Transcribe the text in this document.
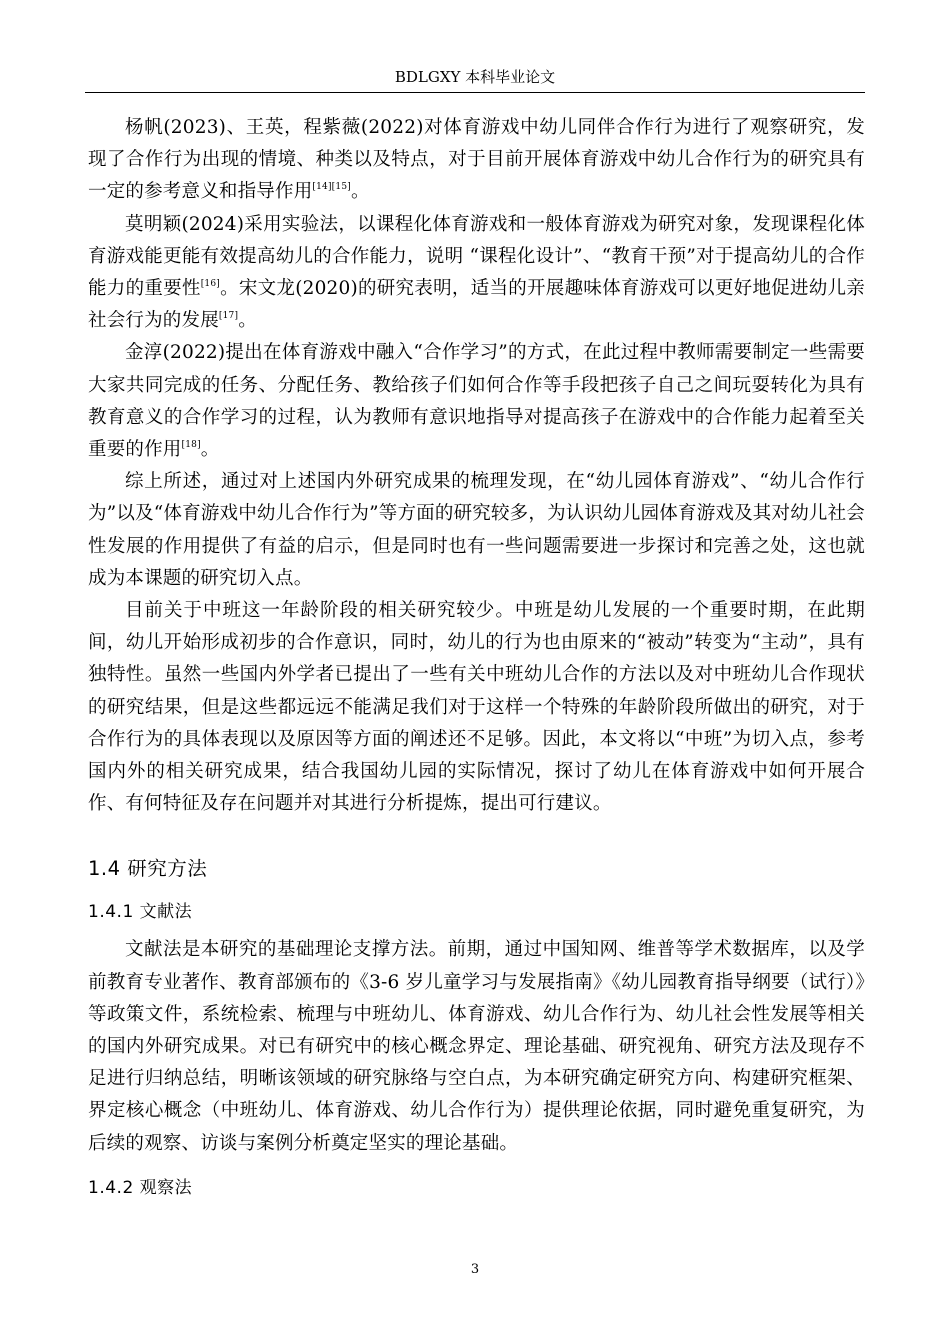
BDLGXY 本科毕业论文

杨帆(2023)、王英，程紫薇(2022)对体育游戏中幼儿同伴合作行为进行了观察研究，发现了合作行为出现的情境、种类以及特点，对于目前开展体育游戏中幼儿合作行为的研究具有一定的参考意义和指导作用[14][15]。

莫明颖(2024)采用实验法，以课程化体育游戏和一般体育游戏为研究对象，发现课程化体育游戏能更能有效提高幼儿的合作能力，说明 “课程化设计”、“教育干预”对于提高幼儿的合作能力的重要性[16]。宋文龙(2020)的研究表明，适当的开展趣味体育游戏可以更好地促进幼儿亲社会行为的发展[17]。

金淳(2022)提出在体育游戏中融入“合作学习”的方式，在此过程中教师需要制定一些需要大家共同完成的任务、分配任务、教给孩子们如何合作等手段把孩子自己之间玩耍转化为具有教育意义的合作学习的过程，认为教师有意识地指导对提高孩子在游戏中的合作能力起着至关重要的作用[18]。

综上所述，通过对上述国内外研究成果的梳理发现，在“幼儿园体育游戏”、“幼儿合作行为”以及“体育游戏中幼儿合作行为”等方面的研究较多，为认识幼儿园体育游戏及其对幼儿社会性发展的作用提供了有益的启示，但是同时也有一些问题需要进一步探讨和完善之处，这也就成为本课题的研究切入点。

目前关于中班这一年龄阶段的相关研究较少。中班是幼儿发展的一个重要时期，在此期间，幼儿开始形成初步的合作意识，同时，幼儿的行为也由原来的“被动”转变为“主动”，具有独特性。虽然一些国内外学者已提出了一些有关中班幼儿合作的方法以及对中班幼儿合作现状的研究结果，但是这些都远远不能满足我们对于这样一个特殊的年龄阶段所做出的研究，对于合作行为的具体表现以及原因等方面的阐述还不足够。因此，本文将以“中班”为切入点，参考国内外的相关研究成果，结合我国幼儿园的实际情况，探讨了幼儿在体育游戏中如何开展合作、有何特征及存在问题并对其进行分析提炼，提出可行建议。

1.4 研究方法
1.4.1 文献法

文献法是本研究的基础理论支撑方法。前期，通过中国知网、维普等学术数据库，以及学前教育专业著作、教育部颁布的《3-6 岁儿童学习与发展指南》《幼儿园教育指导纲要（试行）》等政策文件，系统检索、梳理与中班幼儿、体育游戏、幼儿合作行为、幼儿社会性发展等相关的国内外研究成果。对已有研究中的核心概念界定、理论基础、研究视角、研究方法及现存不足进行归纳总结，明晰该领域的研究脉络与空白点，为本研究确定研究方向、构建研究框架、界定核心概念（中班幼儿、体育游戏、幼儿合作行为）提供理论依据，同时避免重复研究，为后续的观察、访谈与案例分析奠定坚实的理论基础。

1.4.2 观察法
3
